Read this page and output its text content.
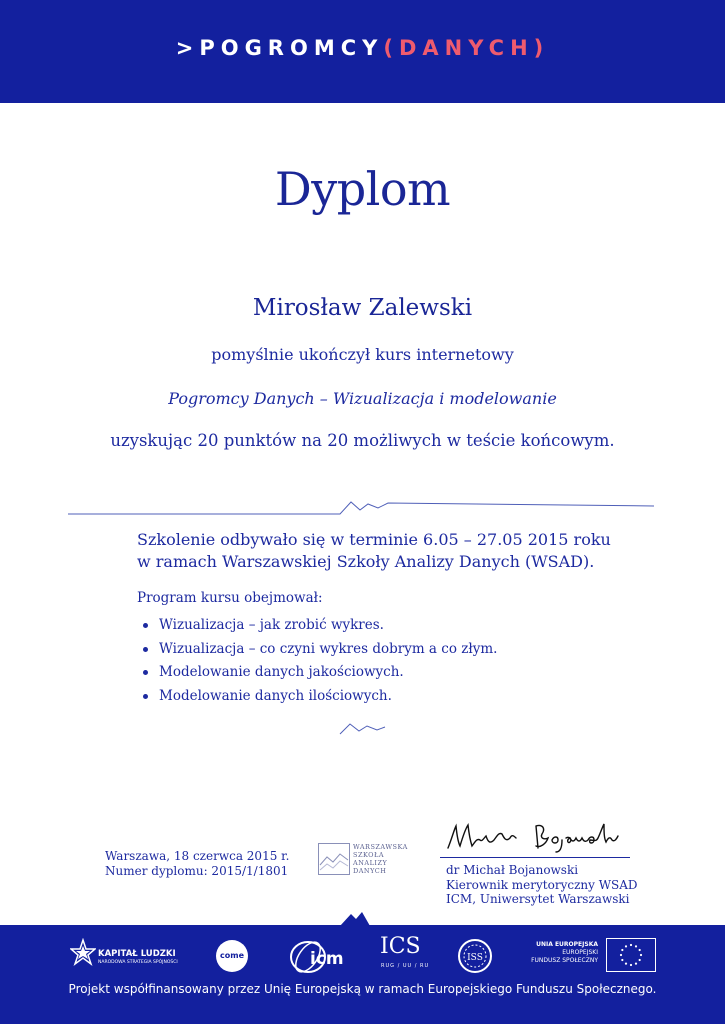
>POGROMCY(DANYCH)
Dyplom
Mirosław Zalewski
pomyślnie ukończył kurs internetowy
Pogromcy Danych – Wizualizacja i modelowanie
uzyskując 20 punktów na 20 możliwych w teście końcowym.
Szkolenie odbywało się w terminie 6.05 – 27.05 2015 roku
w ramach Warszawskiej Szkoły Analizy Danych (WSAD).
Program kursu obejmował:
Wizualizacja – jak zrobić wykres.
Wizualizacja – co czyni wykres dobrym a co złym.
Modelowanie danych jakościowych.
Modelowanie danych ilościowych.
Warszawa, 18 czerwca 2015 r.
Numer dyplomu: 2015/1/1801
WARSZAWSKA
SZKOŁA
ANALIZY
DANYCH	dr Michał Bojanowski
Kierownik merytoryczny WSAD
ICM, Uniwersytet Warszawski
KAPITAŁ LUDZKI
NARODOWA STRATEGIA SPÓJNOŚCI
come	icm ICS
RUG / UU / RU
ISS
UNIA EUROPEJSKA
EUROPEJSKI
FUNDUSZ SPOŁECZNY
Projekt współfinansowany przez Unię Europejską w ramach Europejskiego Funduszu Społecznego.
